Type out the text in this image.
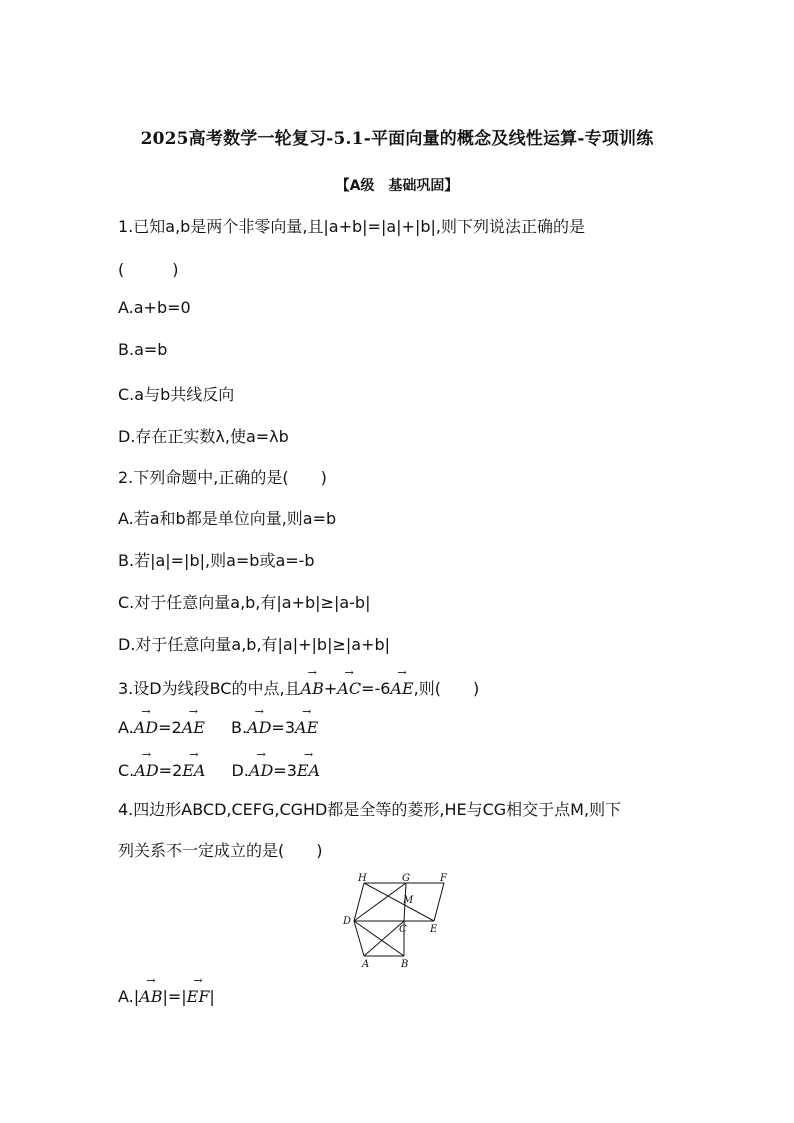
2025高考数学一轮复习-5.1-平面向量的概念及线性运算-专项训练
【A级　基础巩固】
1.已知a,b是两个非零向量,且|a+b|=|a|+|b|,则下列说法正确的是
(　　　)
A.a+b=0
B.a=b
C.a与b共线反向
D.存在正实数λ,使a=λb
2.下列命题中,正确的是(　　)
A.若a和b都是单位向量,则a=b
B.若|a|=|b|,则a=b或a=-b
C.对于任意向量a,b,有|a+b|≥|a-b|
D.对于任意向量a,b,有|a|+|b|≥|a+b|
3.设D为线段BC的中点,且→ AB+→ AC=-6→ AE,则(　　)
A.→ AD=2→ AE B.→ AD=3→ AE
C.→ AD=2→ EA D.→ AD=3→ EA
4.四边形ABCD,CEFG,CGHD都是全等的菱形,HE与CG相交于点M,则下
列关系不一定成立的是(　　)
H	G	F
M
D
C E
A	B
A.|→ AB|=|→ EF|
